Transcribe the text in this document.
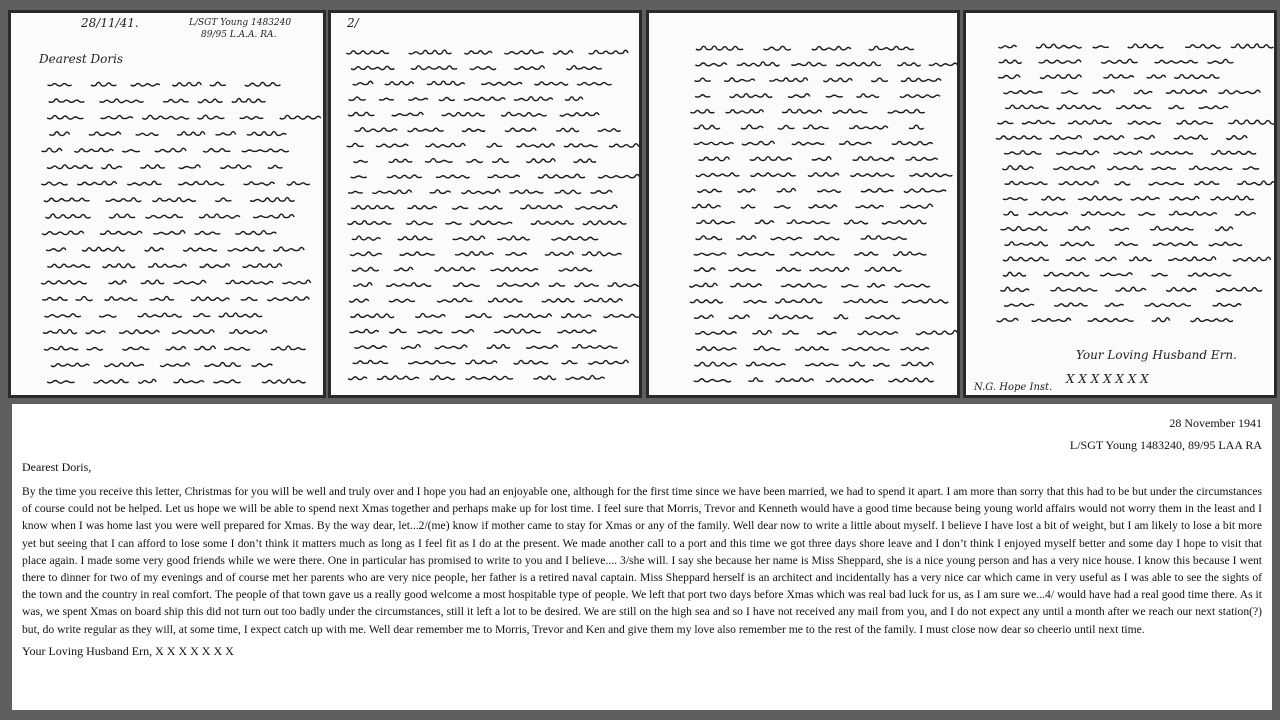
28/11/41.	L/SGT Young 1483240
89/95 L.A.A. RA.
Dearest Doris
2/
Your Loving Husband Ern.
N.G. Hope Inst.
X X X X X X X
28 November 1941
L/SGT Young 1483240, 89/95 LAA RA
Dearest Doris,
By the time you receive this letter, Christmas for you will be well and truly over and I hope you had an enjoyable one, although for the first time since we have been married, we had to spend it apart. I am more than sorry that this had to be but under the circumstances of course could not be helped. Let us hope we will be able to spend next Xmas together and perhaps make up for lost time. I feel sure that Morris, Trevor and Kenneth would have a good time because being young world affairs would not worry them in the least and I know when I was home last you were well prepared for Xmas. By the way dear, let...2/(me) know if mother came to stay for Xmas or any of the family. Well dear now to write a little about myself. I believe I have lost a bit of weight, but I am likely to lose a bit more yet but seeing that I can afford to lose some I don’t think it matters much as long as I feel fit as I do at the present. We made another call to a port and this time we got three days shore leave and I don’t think I enjoyed myself better and some day I hope to visit that place again. I made some very good friends while we were there. One in particular has promised to write to you and I believe.... 3/she will. I say she because her name is Miss Sheppard, she is a nice young person and has a very nice house. I know this because I went there to dinner for two of my evenings and of course met her parents who are very nice people, her father is a retired naval captain. Miss Sheppard herself is an architect and incidentally has a very nice car which came in very useful as I was able to see the sights of the town and the country in real comfort. The people of that town gave us a really good welcome a most hospitable type of people. We left that port two days before Xmas which was real bad luck for us, as I am sure we...4/ would have had a real good time there. As it was, we spent Xmas on board ship this did not turn out too badly under the circumstances, still it left a lot to be desired. We are still on the high sea and so I have not received any mail from you, and I do not expect any until a month after we reach our next station(?) but, do write regular as they will, at some time, I expect catch up with me. Well dear remember me to Morris, Trevor and Ken and give them my love also remember me to the rest of the family. I must close now dear so cheerio until next time.
Your Loving Husband Ern, X X X X X X X
